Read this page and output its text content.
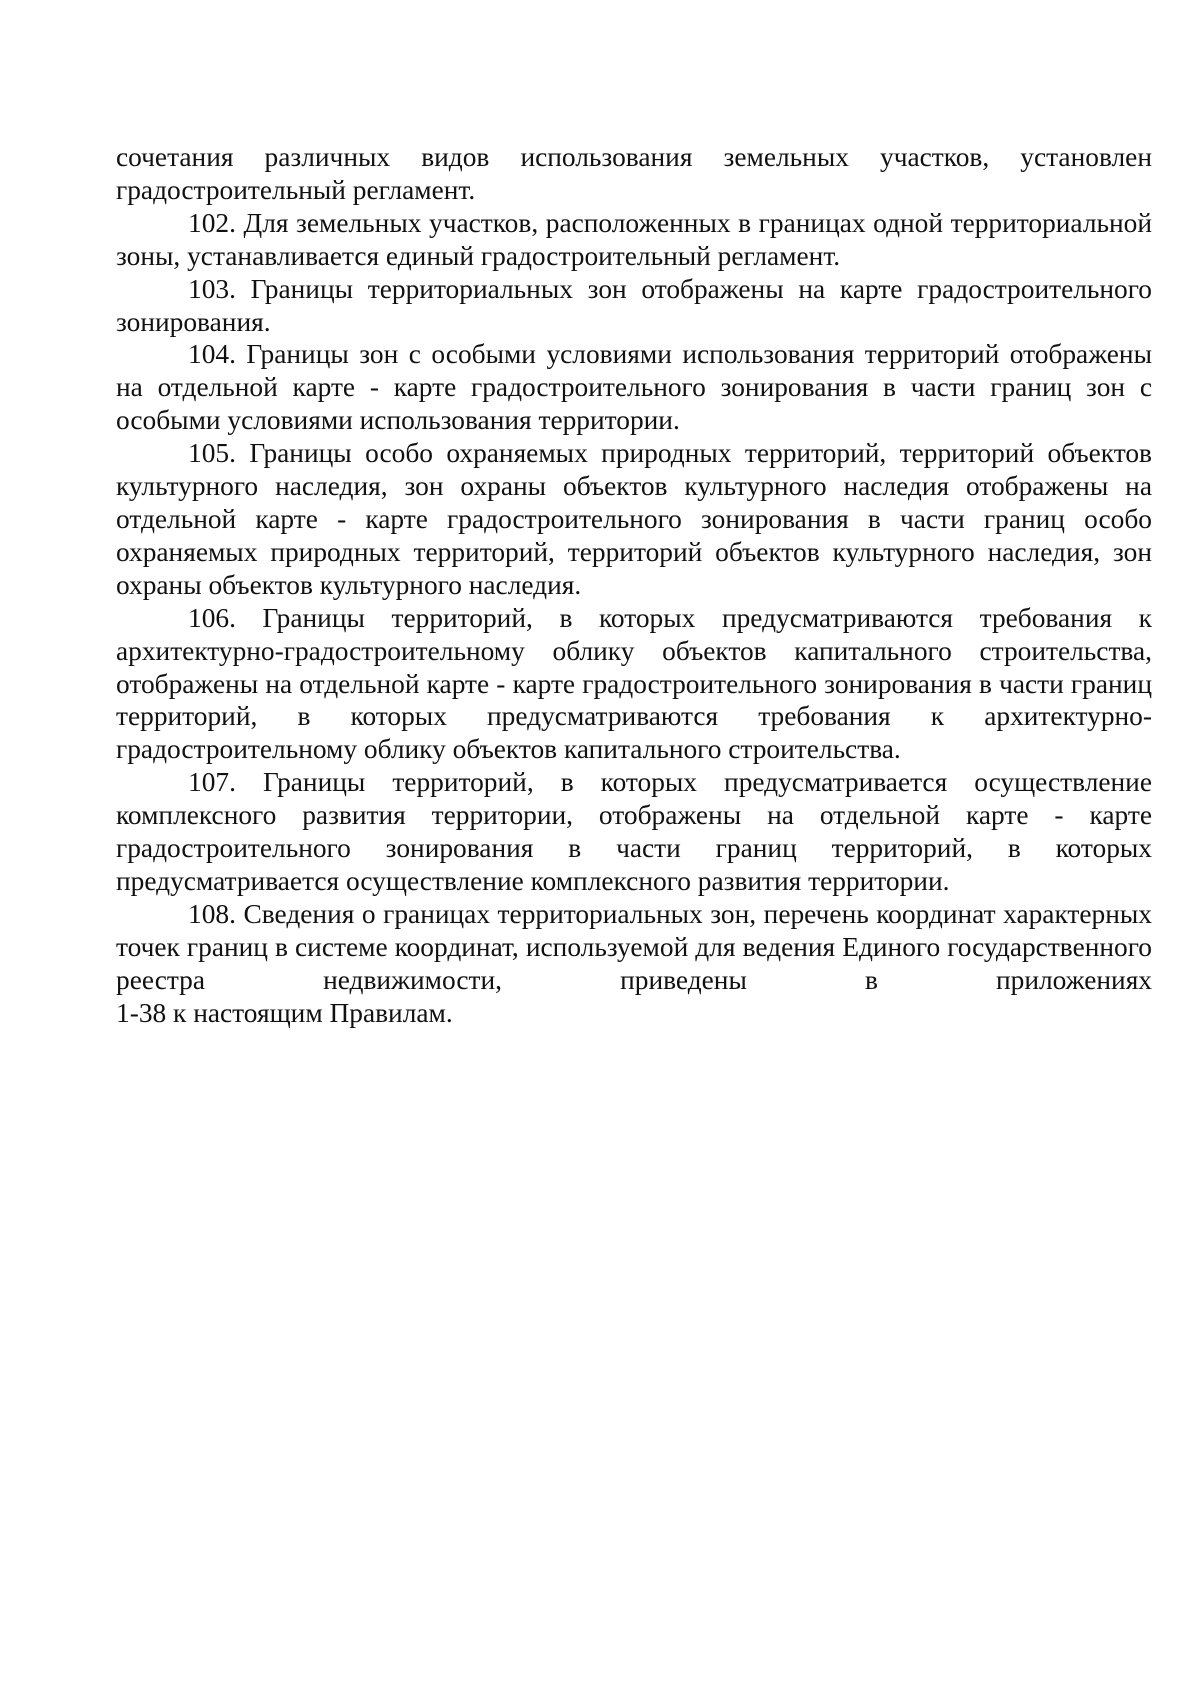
сочетания различных видов использования земельных участков, установлен градостроительный регламент.

102. Для земельных участков, расположенных в границах одной территориальной зоны, устанавливается единый градостроительный регламент.

103. Границы территориальных зон отображены на карте градостроительного зонирования.

104. Границы зон с особыми условиями использования территорий отображены на отдельной карте - карте градостроительного зонирования в части границ зон с особыми условиями использования территории.

105. Границы особо охраняемых природных территорий, территорий объектов культурного наследия, зон охраны объектов культурного наследия отображены на отдельной карте - карте градостроительного зонирования в части границ особо охраняемых природных территорий, территорий объектов культурного наследия, зон охраны объектов культурного наследия.

106. Границы территорий, в которых предусматриваются требования к архитектурно-градостроительному облику объектов капитального строительства, отображены на отдельной карте - карте градостроительного зонирования в части границ территорий, в которых предусматриваются требования к архитектурно-градостроительному облику объектов капитального строительства.

107. Границы территорий, в которых предусматривается осуществление комплексного развития территории, отображены на отдельной карте - карте градостроительного зонирования в части границ территорий, в которых предусматривается осуществление комплексного развития территории.

108. Сведения о границах территориальных зон, перечень координат характерных точек границ в системе координат, используемой для ведения Единого государственного реестра недвижимости, приведены в приложениях
1-38 к настоящим Правилам.
